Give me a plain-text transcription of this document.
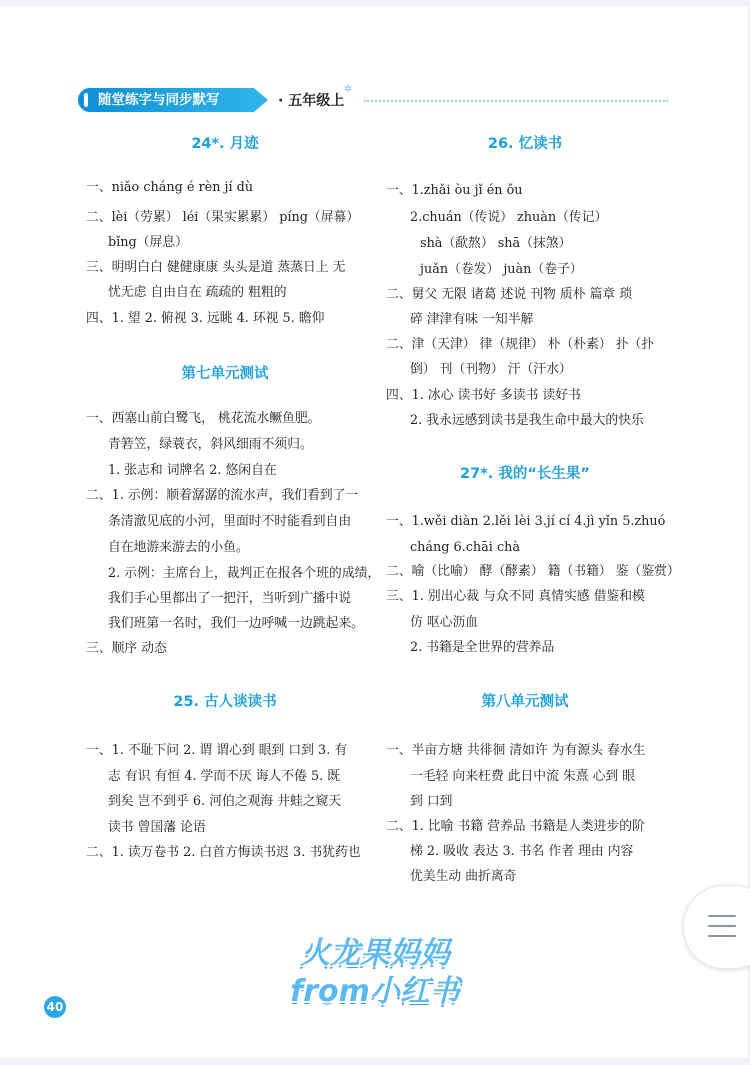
随堂练字与同步默写	· 五年级上
✲
24*. 月迹
一、niǎo cháng é rèn jí dù
二、lèi（劳累） léi（果实累累） píng（屏幕）
bǐng（屏息）
三、明明白白 健健康康 头头是道 蒸蒸日上 无
忧无虑 自由自在 疏疏的 粗粗的
四、1. 望 2. 俯视 3. 远眺 4. 环视 5. 瞻仰
第七单元测试
一、西塞山前白鹭飞， 桃花流水鳜鱼肥。
青箬笠，绿蓑衣，斜风细雨不须归。
1. 张志和 词牌名 2. 悠闲自在
二、1. 示例：顺着潺潺的流水声，我们看到了一
条清澈见底的小河，里面时不时能看到自由
自在地游来游去的小鱼。
2. 示例：主席台上，裁判正在报各个班的成绩，
我们手心里都出了一把汗，当听到广播中说
我们班第一名时，我们一边呼喊一边跳起来。
三、顺序 动态
25. 古人谈读书
一、1. 不耻下问 2. 谓 谓心到 眼到 口到 3. 有
志 有识 有恒 4. 学而不厌 诲人不倦 5. 既
到矣 岂不到乎 6. 河伯之观海 井蛙之窥天
读书 曾国藩 论语
二、1. 读万卷书 2. 白首方悔读书迟 3. 书犹药也
26. 忆读书
一、1.zhǎi òu jǐ én ǒu
2.chuán（传说） zhuàn（传记）
shà（歃熬） shā（抹煞）
juǎn（卷发） juàn（卷子）
二、舅父 无限 诸葛 述说 刊物 质朴 篇章 琐
碎 津津有味 一知半解
二、津（天津） 律（规律） 朴（朴素） 扑（扑
倒） 刊（刊物） 汗（汗水）
四、1. 冰心 读书好 多读书 读好书
2. 我永远感到读书是我生命中最大的快乐
27*. 我的“长生果”
一、1.wěi diàn 2.lěi lèi 3.jí cí 4.jì yǐn 5.zhuó
cháng 6.chāi chà
二、喻（比喻） 酵（酵素） 籍（书籍） 鉴（鉴赏）
三、1. 别出心裁 与众不同 真情实感 借鉴和模
仿 呕心沥血
2. 书籍是全世界的营养品
第八单元测试
一、半亩方塘 共徘徊 清如许 为有源头 春水生
一毛轻 向来枉费 此日中流 朱熹 心到 眼
到 口到
二、1. 比喻 书籍 营养品 书籍是人类进步的阶
梯 2. 吸收 表达 3. 书名 作者 理由 内容
优美生动 曲折离奇
40
火龙果妈妈
from小红书
